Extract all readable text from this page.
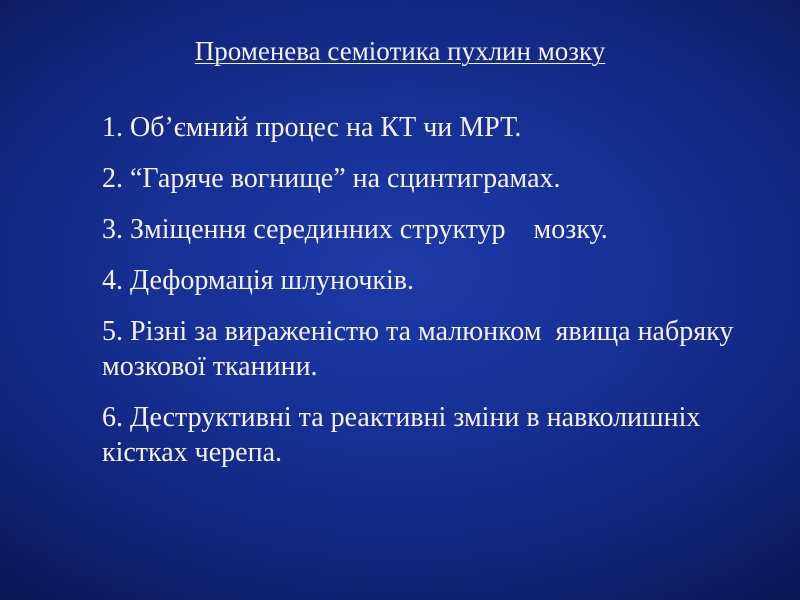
Променева семіотика пухлин мозку
1. Об’ємний процес на КТ чи МРТ.
2. “Гаряче вогнище” на сцинтиграмах.
3. Зміщення серединних структур    мозку.
4. Деформація шлуночків.
5. Різні за вираженістю та малюнком  явища набряку мозкової тканини.
6. Деструктивні та реактивні зміни в навколишніх кістках черепа.
